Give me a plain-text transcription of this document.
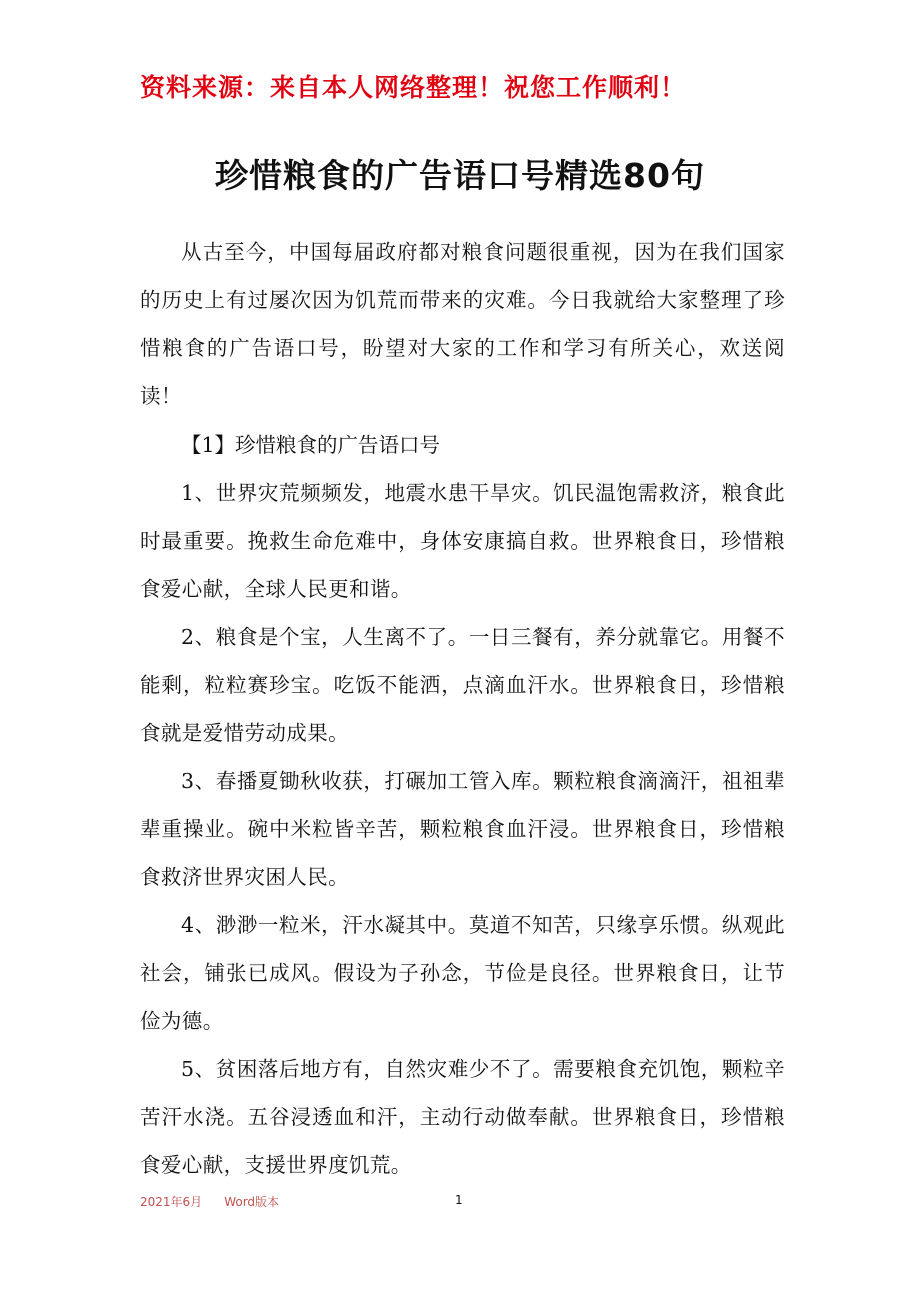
资料来源：来自本人网络整理！祝您工作顺利！
珍惜粮食的广告语口号精选80句

从古至今，中国每届政府都对粮食问题很重视，因为在我们国家的历史上有过屡次因为饥荒而带来的灾难。今日我就给大家整理了珍惜粮食的广告语口号，盼望对大家的工作和学习有所关心，欢送阅读！

【1】珍惜粮食的广告语口号

1、世界灾荒频频发，地震水患干旱灾。饥民温饱需救济，粮食此时最重要。挽救生命危难中，身体安康搞自救。世界粮食日，珍惜粮食爱心献，全球人民更和谐。

2、粮食是个宝，人生离不了。一日三餐有，养分就靠它。用餐不能剩，粒粒赛珍宝。吃饭不能洒，点滴血汗水。世界粮食日，珍惜粮食就是爱惜劳动成果。

3、春播夏锄秋收获，打碾加工管入库。颗粒粮食滴滴汗，祖祖辈辈重操业。碗中米粒皆辛苦，颗粒粮食血汗浸。世界粮食日，珍惜粮食救济世界灾困人民。

4、渺渺一粒米，汗水凝其中。莫道不知苦，只缘享乐惯。纵观此社会，铺张已成风。假设为子孙念，节俭是良径。世界粮食日，让节俭为德。

5、贫困落后地方有，自然灾难少不了。需要粮食充饥饱，颗粒辛苦汗水浇。五谷浸透血和汗，主动行动做奉献。世界粮食日，珍惜粮食爱心献，支援世界度饥荒。

2021年6月 Word版本	1
